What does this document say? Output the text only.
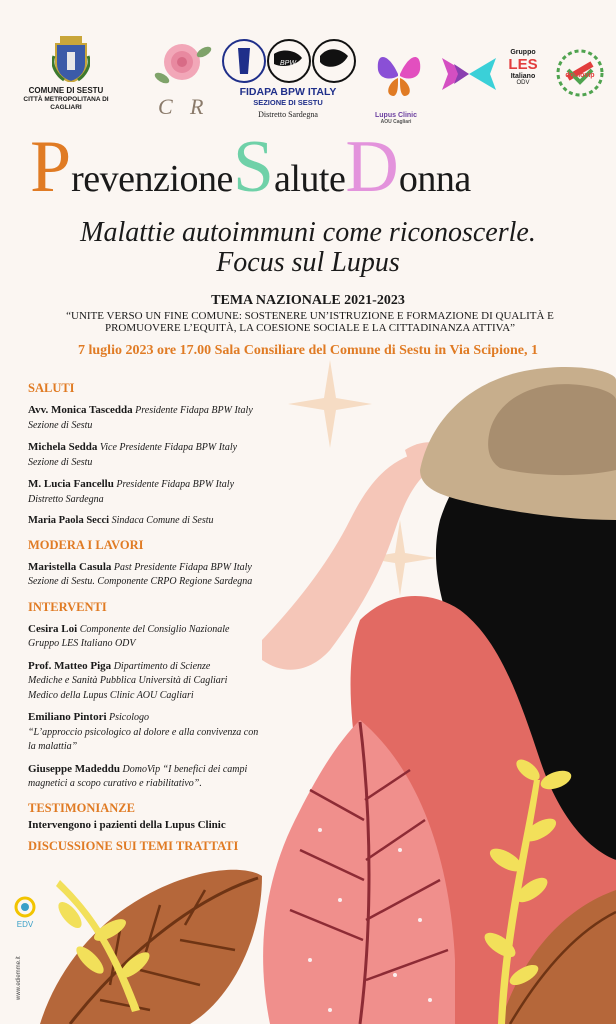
COMUNE DI SESTU
CITTÀ METROPOLITANA DI CAGLIARI	C R
BPW
FIDAPA BPW ITALY
SEZIONE DI SESTU
Distretto Sardegna	Lupus Clinic
AOU Cagliari
Gruppo
LES
Italiano
ODV
domovip
PrevenzioneSaluteDonna
Malattie autoimmuni come riconoscerle.
Focus sul Lupus
TEMA NAZIONALE 2021-2023
“UNITE VERSO UN FINE COMUNE: SOSTENERE UN’ISTRUZIONE E FORMAZIONE DI QUALITÀ E
PROMUOVERE L’EQUITÀ, LA COESIONE SOCIALE E LA CITTADINANZA ATTIVA”
7 luglio 2023 ore 17.00 Sala Consiliare del Comune di Sestu in Via Scipione, 1
SALUTI
Avv. Monica Tascedda Presidente Fidapa BPW Italy
Sezione di Sestu
Michela Sedda Vice Presidente Fidapa BPW Italy
Sezione di Sestu
M. Lucia Fancellu Presidente Fidapa BPW Italy
Distretto Sardegna
Maria Paola Secci Sindaca Comune di Sestu
MODERA I LAVORI
Maristella Casula Past Presidente Fidapa BPW Italy
Sezione di Sestu. Componente CRPO Regione Sardegna
INTERVENTI
Cesira Loi Componente del Consiglio Nazionale
Gruppo LES Italiano ODV
Prof. Matteo Piga Dipartimento di Scienze
Mediche e Sanità Pubblica Università di Cagliari
Medico della Lupus Clinic AOU Cagliari
Emiliano Pintori Psicologo
“L’approccio psicologico al dolore e alla convivenza con
la malattia”
Giuseppe Madeddu DomoVip “I benefici dei campi
magnetici a scopo curativo e riabilitativo”.
TESTIMONIANZE
Intervengono i pazienti della Lupus Clinic
DISCUSSIONE SUI TEMI TRATTATI
EDV
www.ediemme.it
